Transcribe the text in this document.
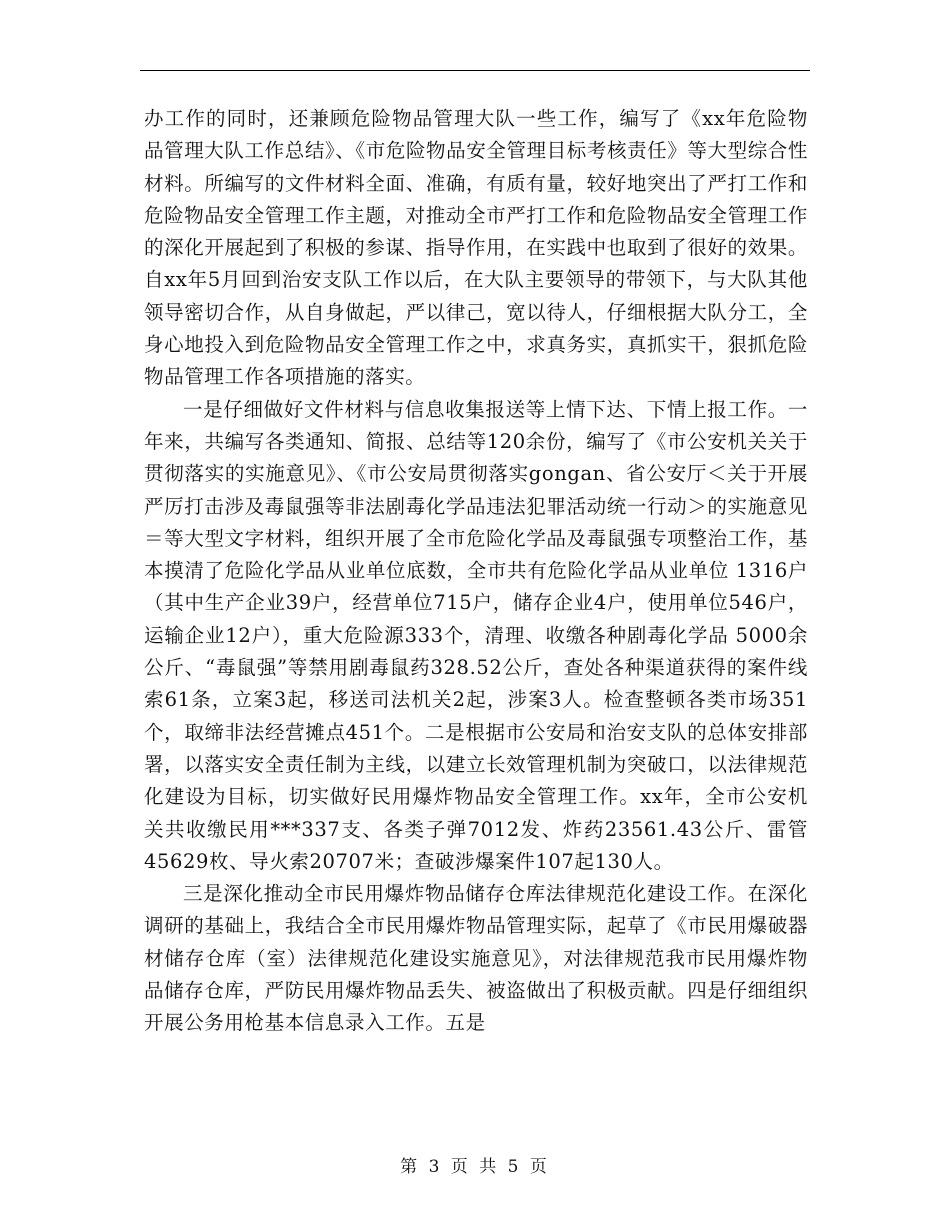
办工作的同时，还兼顾危险物品管理大队一些工作，编写了《xx年危险物品管理大队工作总结》、《市危险物品安全管理目标考核责任》等大型综合性材料。所编写的文件材料全面、准确，有质有量，较好地突出了严打工作和危险物品安全管理工作主题，对推动全市严打工作和危险物品安全管理工作的深化开展起到了积极的参谋、指导作用，在实践中也取到了很好的效果。自xx年5月回到治安支队工作以后，在大队主要领导的带领下，与大队其他领导密切合作，从自身做起，严以律己，宽以待人，仔细根据大队分工，全身心地投入到危险物品安全管理工作之中，求真务实，真抓实干，狠抓危险物品管理工作各项措施的落实。

一是仔细做好文件材料与信息收集报送等上情下达、下情上报工作。一年来，共编写各类通知、简报、总结等120余份，编写了《市公安机关关于贯彻落实的实施意见》、《市公安局贯彻落实gongan、省公安厅＜关于开展严厉打击涉及毒鼠强等非法剧毒化学品违法犯罪活动统一行动＞的实施意见＝等大型文字材料，组织开展了全市危险化学品及毒鼠强专项整治工作，基本摸清了危险化学品从业单位底数，全市共有危险化学品从业单位 1316户（其中生产企业39户，经营单位715户，储存企业4户，使用单位546户，运输企业12户），重大危险源333个，清理、收缴各种剧毒化学品 5000余公斤、“毒鼠强”等禁用剧毒鼠药328.52公斤，查处各种渠道获得的案件线索61条，立案3起，移送司法机关2起，涉案3人。检查整顿各类市场351个，取缔非法经营摊点451个。二是根据市公安局和治安支队的总体安排部署，以落实安全责任制为主线，以建立长效管理机制为突破口，以法律规范化建设为目标，切实做好民用爆炸物品安全管理工作。xx年，全市公安机关共收缴民用***337支、各类子弹7012发、炸药23561.43公斤、雷管 45629枚、导火索20707米；查破涉爆案件107起130人。

三是深化推动全市民用爆炸物品储存仓库法律规范化建设工作。在深化调研的基础上，我结合全市民用爆炸物品管理实际，起草了《市民用爆破器材储存仓库（室）法律规范化建设实施意见》，对法律规范我市民用爆炸物品储存仓库，严防民用爆炸物品丢失、被盗做出了积极贡献。四是仔细组织开展公务用枪基本信息录入工作。五是

第 3 页 共 5 页
